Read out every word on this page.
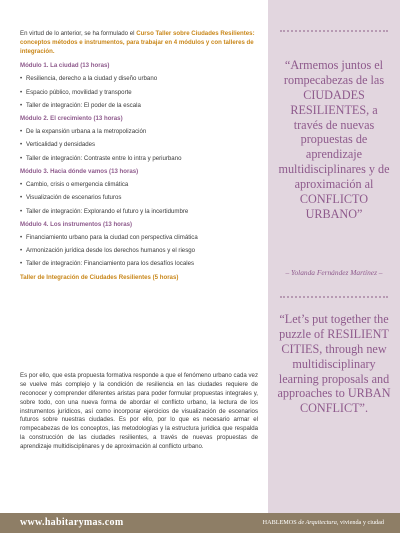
En virtud de lo anterior, se ha formulado el Curso Taller sobre Ciudades Resilientes: conceptos métodos e instrumentos, para trabajar en 4 módulos y con talleres de integración.

Módulo 1. La ciudad (13 horas)

• Resiliencia, derecho a la ciudad y diseño urbano
• Espacio público, movilidad y transporte
• Taller de integración: El poder de la escala

Módulo 2. El crecimiento (13 horas)

• De la expansión urbana a la metropolización
• Verticalidad y densidades
• Taller de integración: Contraste entre lo intra y periurbano

Módulo 3. Hacia dónde vamos (13 horas)

• Cambio, crisis o emergencia climática
• Visualización de escenarios futuros
• Taller de integración: Explorando el futuro y la incertidumbre

Módulo 4. Los instrumentos (13 horas)

• Financiamiento urbano para la ciudad con perspectiva climática
• Armonización jurídica desde los derechos humanos y el riesgo
• Taller de integración: Financiamiento para los desafíos locales

Taller de Integración de Ciudades Resilientes (5 horas)

Es por ello, que esta propuesta formativa responde a que el fenómeno urbano cada vez se vuelve más complejo y la condición de resiliencia en las ciudades requiere de reconocer y comprender diferentes aristas para poder formular propuestas integrales y, sobre todo, con una nueva forma de abordar el conflicto urbano, la lectura de los instrumentos jurídicos, así como incorporar ejercicios de visualización de escenarios futuros sobre nuestras ciudades. Es por ello, por lo que es necesario armar el rompecabezas de los conceptos, las metodologías y la estructura jurídica que respalda la construcción de las ciudades resilientes, a través de nuevas propuestas de aprendizaje multidisciplinares y de aproximación al conflicto urbano.

“Armemos juntos el rompecabezas de las CIUDADES RESILIENTES, a través de nuevas propuestas de aprendizaje multidisciplinares y de aproximación al CONFLICTO URBANO”

– Yolanda Fernández Martínez –

“Let’s put together the puzzle of RESILIENT CITIES, through new multidisciplinary learning proposals and approaches to URBAN CONFLICT”.

www.habitarymas.com	HABLEMOS de Arquitectura, vivienda y ciudad
